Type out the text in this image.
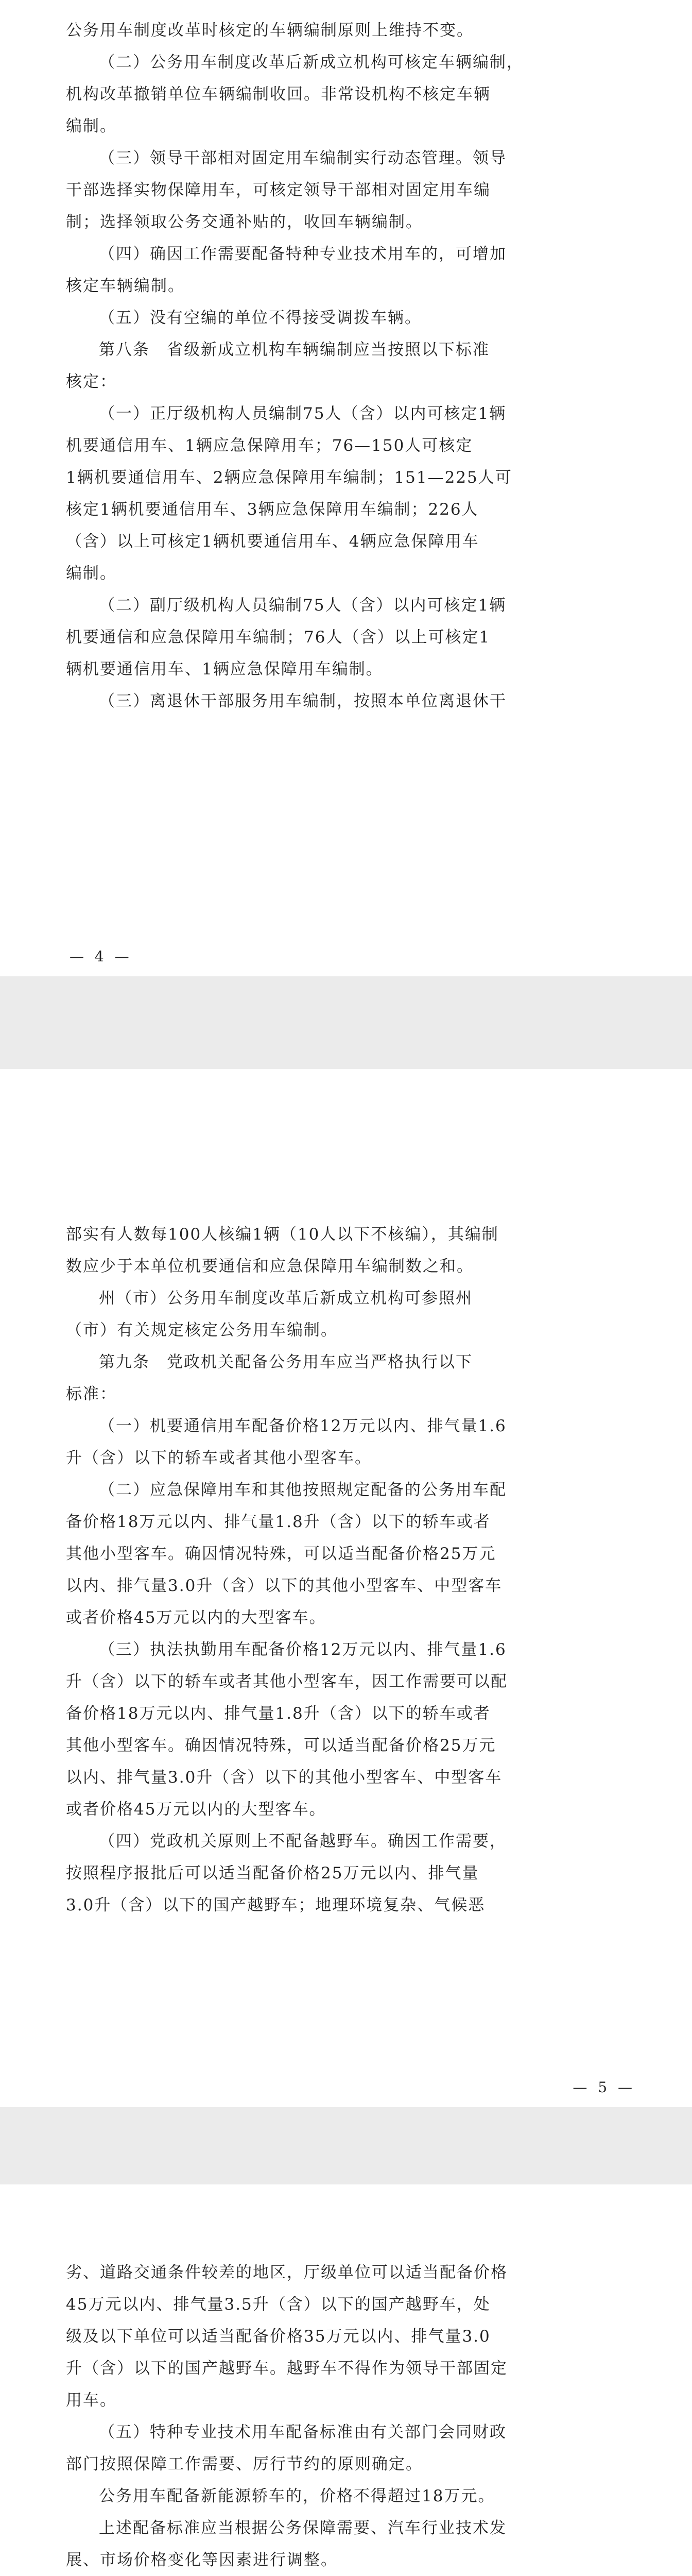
公务用车制度改革时核定的车辆编制原则上维持不变。
（二）公务用车制度改革后新成立机构可核定车辆编制，
机构改革撤销单位车辆编制收回。非常设机构不核定车辆
编制。
（三）领导干部相对固定用车编制实行动态管理。领导
干部选择实物保障用车，可核定领导干部相对固定用车编
制；选择领取公务交通补贴的，收回车辆编制。
（四）确因工作需要配备特种专业技术用车的，可增加
核定车辆编制。
（五）没有空编的单位不得接受调拨车辆。
第八条　省级新成立机构车辆编制应当按照以下标准
核定：
（一）正厅级机构人员编制75人（含）以内可核定1辆
机要通信用车、1辆应急保障用车；76—150人可核定
1辆机要通信用车、2辆应急保障用车编制；151—225人可
核定1辆机要通信用车、3辆应急保障用车编制；226人
（含）以上可核定1辆机要通信用车、4辆应急保障用车
编制。
（二）副厅级机构人员编制75人（含）以内可核定1辆
机要通信和应急保障用车编制；76人（含）以上可核定1
辆机要通信用车、1辆应急保障用车编制。
（三）离退休干部服务用车编制，按照本单位离退休干
— 4 —
部实有人数每100人核编1辆（10人以下不核编），其编制
数应少于本单位机要通信和应急保障用车编制数之和。
州（市）公务用车制度改革后新成立机构可参照州
（市）有关规定核定公务用车编制。
第九条　党政机关配备公务用车应当严格执行以下
标准：
（一）机要通信用车配备价格12万元以内、排气量1.6
升（含）以下的轿车或者其他小型客车。
（二）应急保障用车和其他按照规定配备的公务用车配
备价格18万元以内、排气量1.8升（含）以下的轿车或者
其他小型客车。确因情况特殊，可以适当配备价格25万元
以内、排气量3.0升（含）以下的其他小型客车、中型客车
或者价格45万元以内的大型客车。
（三）执法执勤用车配备价格12万元以内、排气量1.6
升（含）以下的轿车或者其他小型客车，因工作需要可以配
备价格18万元以内、排气量1.8升（含）以下的轿车或者
其他小型客车。确因情况特殊，可以适当配备价格25万元
以内、排气量3.0升（含）以下的其他小型客车、中型客车
或者价格45万元以内的大型客车。
（四）党政机关原则上不配备越野车。确因工作需要，
按照程序报批后可以适当配备价格25万元以内、排气量
3.0升（含）以下的国产越野车；地理环境复杂、气候恶
— 5 —
劣、道路交通条件较差的地区，厅级单位可以适当配备价格
45万元以内、排气量3.5升（含）以下的国产越野车，处
级及以下单位可以适当配备价格35万元以内、排气量3.0
升（含）以下的国产越野车。越野车不得作为领导干部固定
用车。
（五）特种专业技术用车配备标准由有关部门会同财政
部门按照保障工作需要、厉行节约的原则确定。
公务用车配备新能源轿车的，价格不得超过18万元。
上述配备标准应当根据公务保障需要、汽车行业技术发
展、市场价格变化等因素进行调整。
